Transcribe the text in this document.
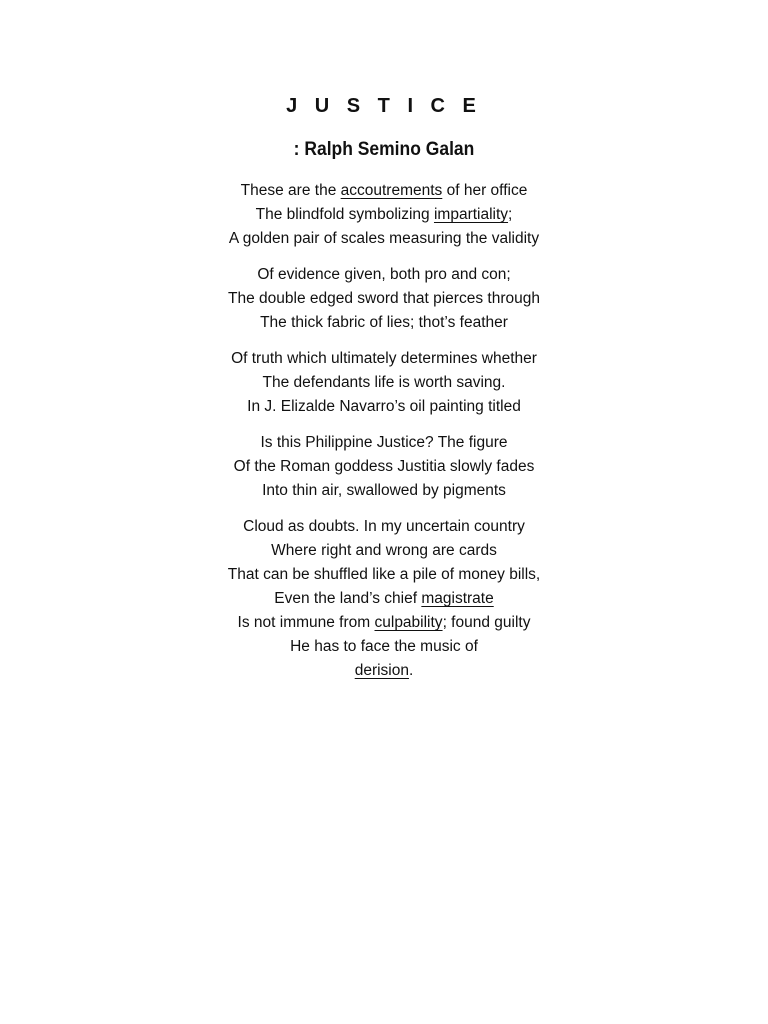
J U S T I C E
: Ralph Semino Galan
These are the accoutrements of her office
The blindfold symbolizing impartiality;
A golden pair of scales measuring the validity
Of evidence given, both pro and con;
The double edged sword that pierces through
The thick fabric of lies; thot’s feather
Of truth which ultimately determines whether
The defendants life is worth saving.
In J. Elizalde Navarro’s oil painting titled
Is this Philippine Justice? The figure
Of the Roman goddess Justitia slowly fades
Into thin air, swallowed by pigments
Cloud as doubts. In my uncertain country
Where right and wrong are cards
That can be shuffled like a pile of money bills,
Even the land’s chief magistrate
Is not immune from culpability; found guilty
He has to face the music of
derision.
